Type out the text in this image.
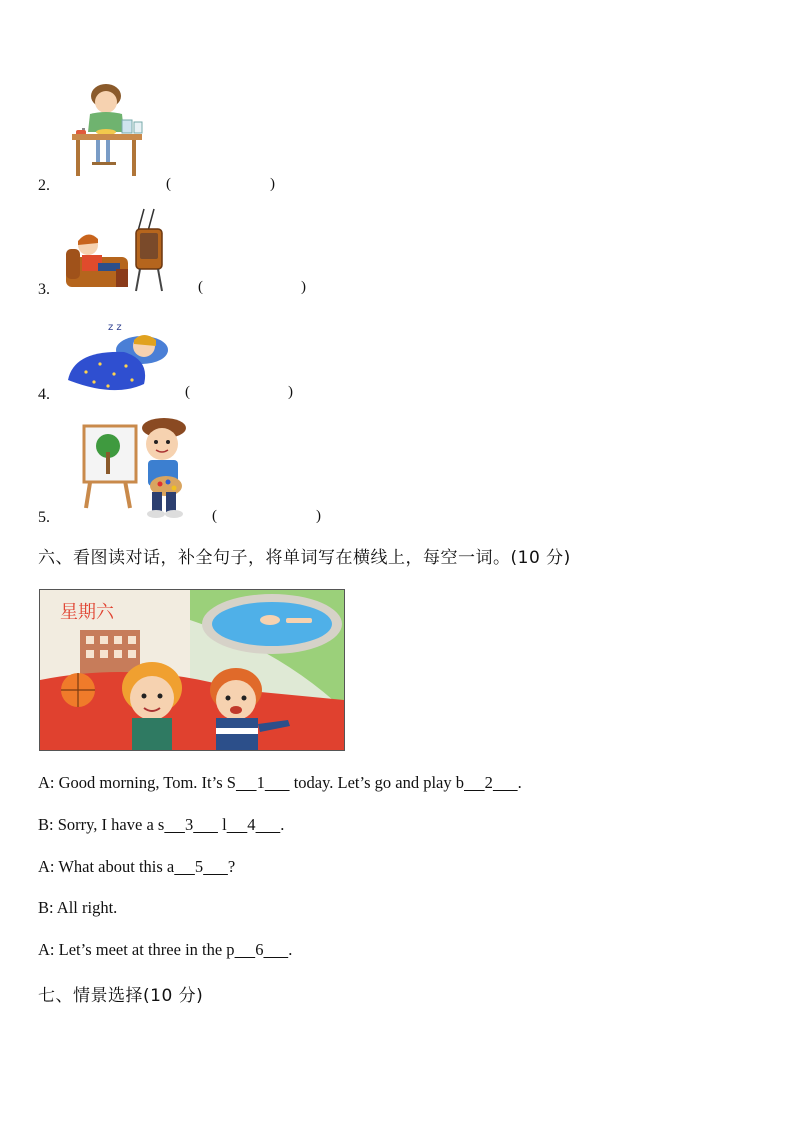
2.	(	)
3.	(	)
z z
4.	(	)
5.	(	)
六、看图读对话，补全句子，将单词写在横线上，每空一词。(10 分)
星期六
A: Good morning, Tom. It’s S 1       today. Let’s go and play b 2 .
B: Sorry, I have a s 3       l 4 .
A: What about this a 5 ?
B: All right.
A: Let’s meet at three in the p 6 .
七、情景选择(10 分)
